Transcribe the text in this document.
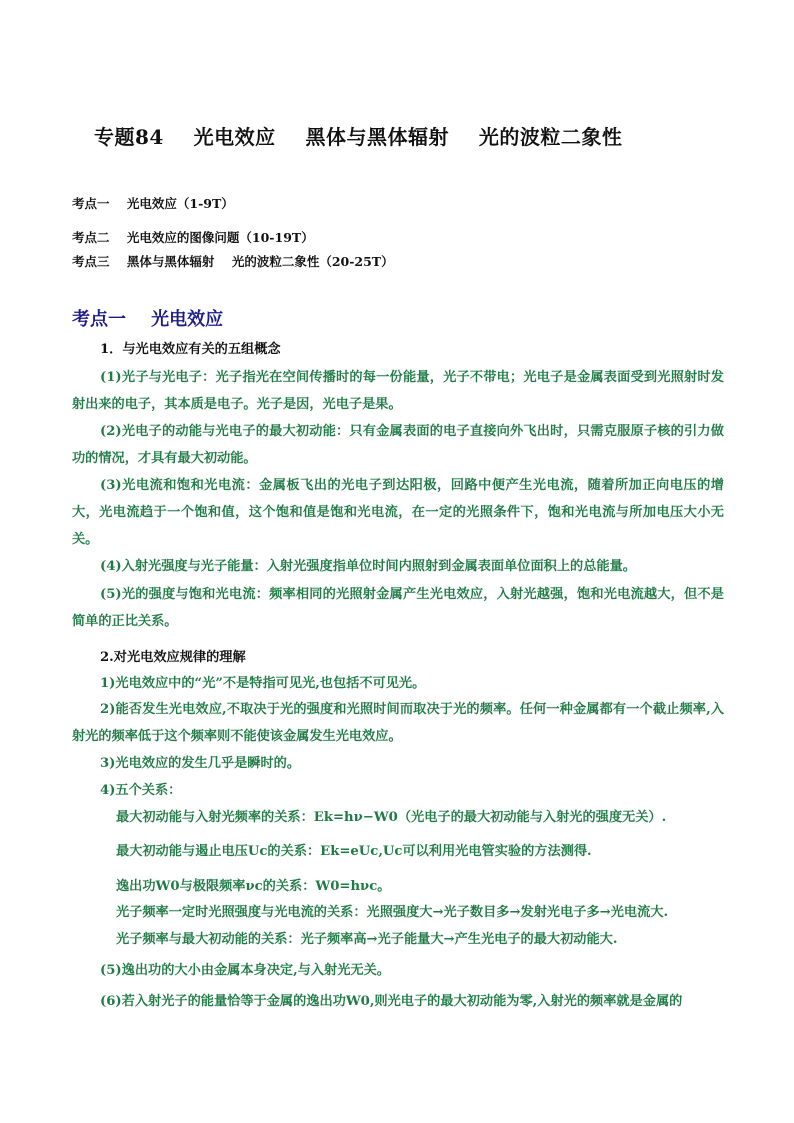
专题84    光电效应    黑体与黑体辐射    光的波粒二象性
考点一    光电效应（1-9T）
考点二    光电效应的图像问题（10-19T）
考点三    黑体与黑体辐射    光的波粒二象性（20-25T）
考点一    光电效应
1．与光电效应有关的五组概念
(1)光子与光电子：光子指光在空间传播时的每一份能量，光子不带电；光电子是金属表面受到光照射时发射出来的电子，其本质是电子。光子是因，光电子是果。
(2)光电子的动能与光电子的最大初动能：只有金属表面的电子直接向外飞出时，只需克服原子核的引力做功的情况，才具有最大初动能。
(3)光电流和饱和光电流：金属板飞出的光电子到达阳极，回路中便产生光电流，随着所加正向电压的增大，光电流趋于一个饱和值，这个饱和值是饱和光电流，在一定的光照条件下，饱和光电流与所加电压大小无关。
(4)入射光强度与光子能量：入射光强度指单位时间内照射到金属表面单位面积上的总能量。
(5)光的强度与饱和光电流：频率相同的光照射金属产生光电效应，入射光越强，饱和光电流越大，但不是简单的正比关系。
2.对光电效应规律的理解
1)光电效应中的“光”不是特指可见光,也包括不可见光。
2)能否发生光电效应,不取决于光的强度和光照时间而取决于光的频率。任何一种金属都有一个截止频率,入射光的频率低于这个频率则不能使该金属发生光电效应。
3)光电效应的发生几乎是瞬时的。
4)五个关系：
最大初动能与入射光频率的关系：Ek=hν−W0（光电子的最大初动能与入射光的强度无关）.
最大初动能与遏止电压Uc的关系：Ek=eUc,Uc可以利用光电管实验的方法测得.
逸出功W0与极限频率νc的关系：W0=hνc。
光子频率一定时光照强度与光电流的关系：光照强度大→光子数目多→发射光电子多→光电流大.
光子频率与最大初动能的关系：光子频率高→光子能量大→产生光电子的最大初动能大.
(5)逸出功的大小由金属本身决定,与入射光无关。
(6)若入射光子的能量恰等于金属的逸出功W0,则光电子的最大初动能为零,入射光的频率就是金属的
